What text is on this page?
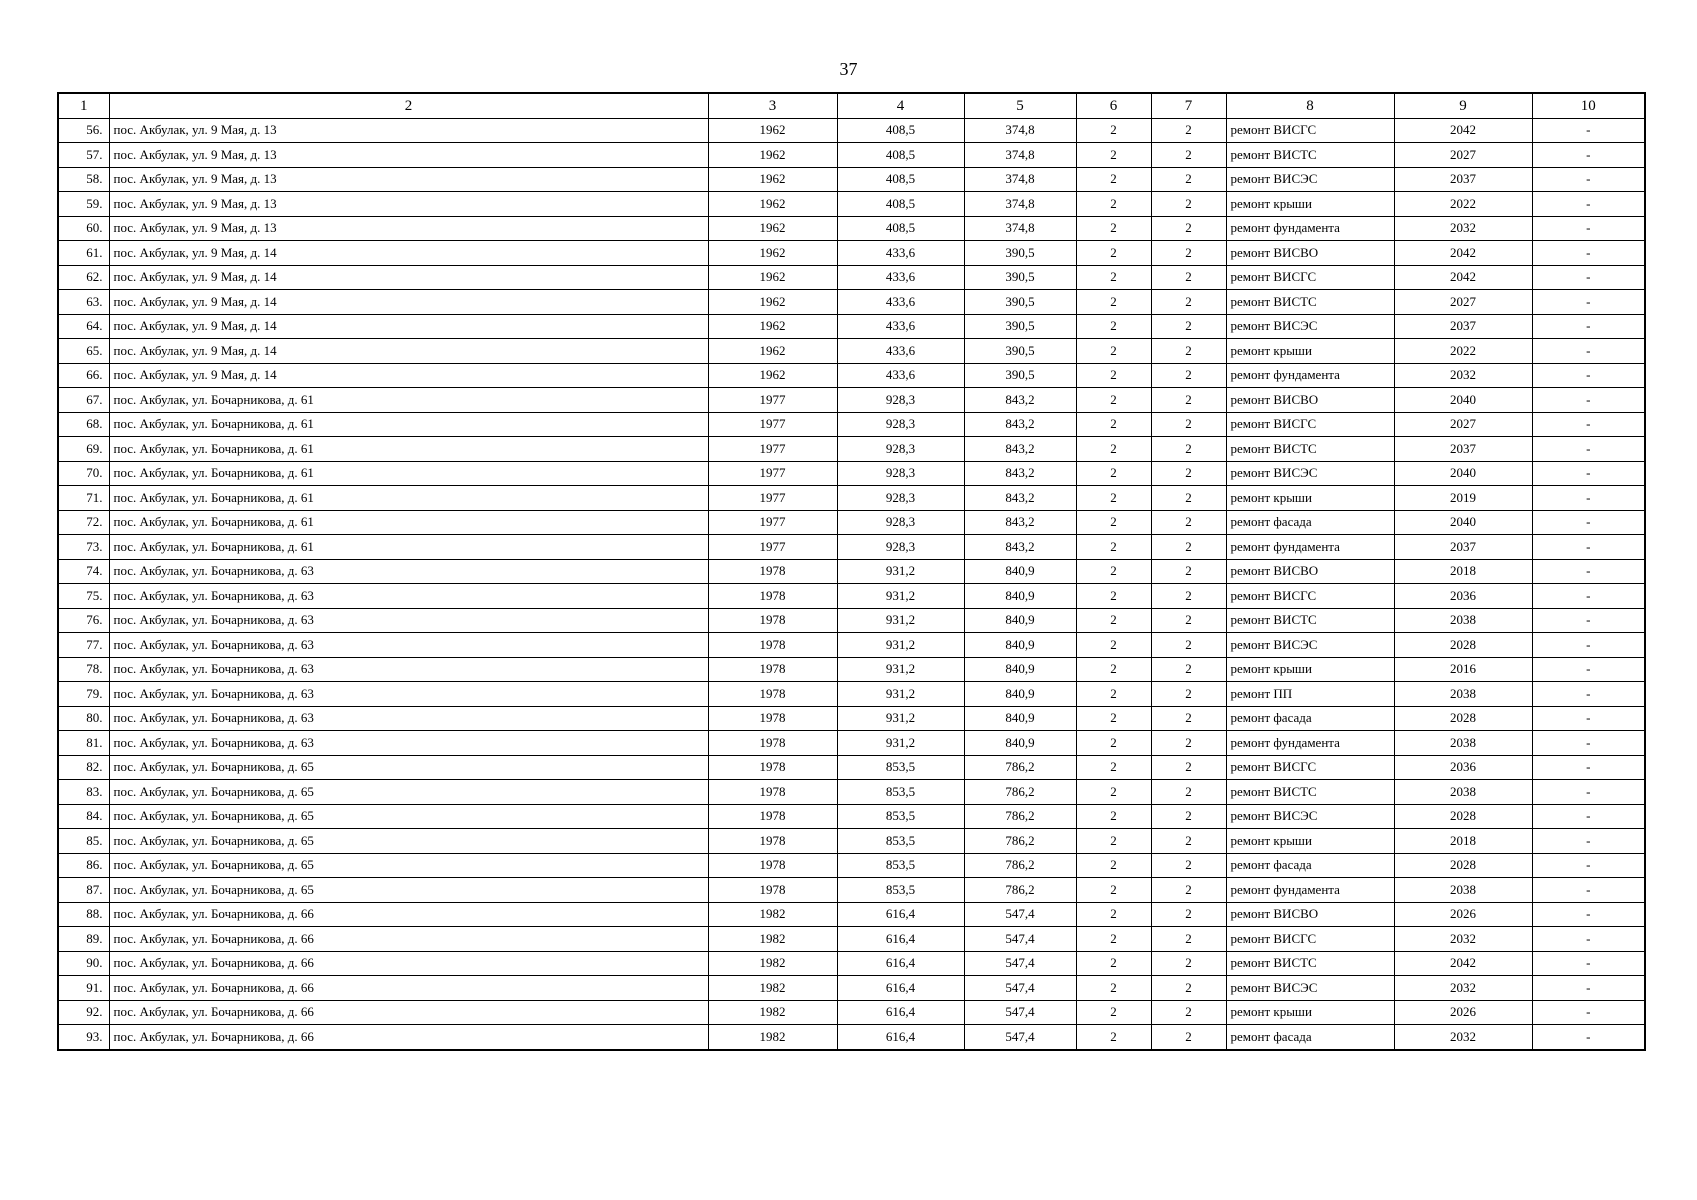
37
1	2	3	4	5	6	7	8	9	10
56.	пос. Акбулак, ул. 9 Мая, д. 13	1962	408,5	374,8	2	2	ремонт ВИСГС	2042	-
57.	пос. Акбулак, ул. 9 Мая, д. 13	1962	408,5	374,8	2	2	ремонт ВИСТС	2027	-
58.	пос. Акбулак, ул. 9 Мая, д. 13	1962	408,5	374,8	2	2	ремонт ВИСЭС	2037	-
59.	пос. Акбулак, ул. 9 Мая, д. 13	1962	408,5	374,8	2	2	ремонт крыши	2022	-
60.	пос. Акбулак, ул. 9 Мая, д. 13	1962	408,5	374,8	2	2	ремонт фундамента	2032	-
61.	пос. Акбулак, ул. 9 Мая, д. 14	1962	433,6	390,5	2	2	ремонт ВИСВО	2042	-
62.	пос. Акбулак, ул. 9 Мая, д. 14	1962	433,6	390,5	2	2	ремонт ВИСГС	2042	-
63.	пос. Акбулак, ул. 9 Мая, д. 14	1962	433,6	390,5	2	2	ремонт ВИСТС	2027	-
64.	пос. Акбулак, ул. 9 Мая, д. 14	1962	433,6	390,5	2	2	ремонт ВИСЭС	2037	-
65.	пос. Акбулак, ул. 9 Мая, д. 14	1962	433,6	390,5	2	2	ремонт крыши	2022	-
66.	пос. Акбулак, ул. 9 Мая, д. 14	1962	433,6	390,5	2	2	ремонт фундамента	2032	-
67.	пос. Акбулак, ул. Бочарникова, д. 61	1977	928,3	843,2	2	2	ремонт ВИСВО	2040	-
68.	пос. Акбулак, ул. Бочарникова, д. 61	1977	928,3	843,2	2	2	ремонт ВИСГС	2027	-
69.	пос. Акбулак, ул. Бочарникова, д. 61	1977	928,3	843,2	2	2	ремонт ВИСТС	2037	-
70.	пос. Акбулак, ул. Бочарникова, д. 61	1977	928,3	843,2	2	2	ремонт ВИСЭС	2040	-
71.	пос. Акбулак, ул. Бочарникова, д. 61	1977	928,3	843,2	2	2	ремонт крыши	2019	-
72.	пос. Акбулак, ул. Бочарникова, д. 61	1977	928,3	843,2	2	2	ремонт фасада	2040	-
73.	пос. Акбулак, ул. Бочарникова, д. 61	1977	928,3	843,2	2	2	ремонт фундамента	2037	-
74.	пос. Акбулак, ул. Бочарникова, д. 63	1978	931,2	840,9	2	2	ремонт ВИСВО	2018	-
75.	пос. Акбулак, ул. Бочарникова, д. 63	1978	931,2	840,9	2	2	ремонт ВИСГС	2036	-
76.	пос. Акбулак, ул. Бочарникова, д. 63	1978	931,2	840,9	2	2	ремонт ВИСТС	2038	-
77.	пос. Акбулак, ул. Бочарникова, д. 63	1978	931,2	840,9	2	2	ремонт ВИСЭС	2028	-
78.	пос. Акбулак, ул. Бочарникова, д. 63	1978	931,2	840,9	2	2	ремонт крыши	2016	-
79.	пос. Акбулак, ул. Бочарникова, д. 63	1978	931,2	840,9	2	2	ремонт ПП	2038	-
80.	пос. Акбулак, ул. Бочарникова, д. 63	1978	931,2	840,9	2	2	ремонт фасада	2028	-
81.	пос. Акбулак, ул. Бочарникова, д. 63	1978	931,2	840,9	2	2	ремонт фундамента	2038	-
82.	пос. Акбулак, ул. Бочарникова, д. 65	1978	853,5	786,2	2	2	ремонт ВИСГС	2036	-
83.	пос. Акбулак, ул. Бочарникова, д. 65	1978	853,5	786,2	2	2	ремонт ВИСТС	2038	-
84.	пос. Акбулак, ул. Бочарникова, д. 65	1978	853,5	786,2	2	2	ремонт ВИСЭС	2028	-
85.	пос. Акбулак, ул. Бочарникова, д. 65	1978	853,5	786,2	2	2	ремонт крыши	2018	-
86.	пос. Акбулак, ул. Бочарникова, д. 65	1978	853,5	786,2	2	2	ремонт фасада	2028	-
87.	пос. Акбулак, ул. Бочарникова, д. 65	1978	853,5	786,2	2	2	ремонт фундамента	2038	-
88.	пос. Акбулак, ул. Бочарникова, д. 66	1982	616,4	547,4	2	2	ремонт ВИСВО	2026	-
89.	пос. Акбулак, ул. Бочарникова, д. 66	1982	616,4	547,4	2	2	ремонт ВИСГС	2032	-
90.	пос. Акбулак, ул. Бочарникова, д. 66	1982	616,4	547,4	2	2	ремонт ВИСТС	2042	-
91.	пос. Акбулак, ул. Бочарникова, д. 66	1982	616,4	547,4	2	2	ремонт ВИСЭС	2032	-
92.	пос. Акбулак, ул. Бочарникова, д. 66	1982	616,4	547,4	2	2	ремонт крыши	2026	-
93.	пос. Акбулак, ул. Бочарникова, д. 66	1982	616,4	547,4	2	2	ремонт фасада	2032	-
